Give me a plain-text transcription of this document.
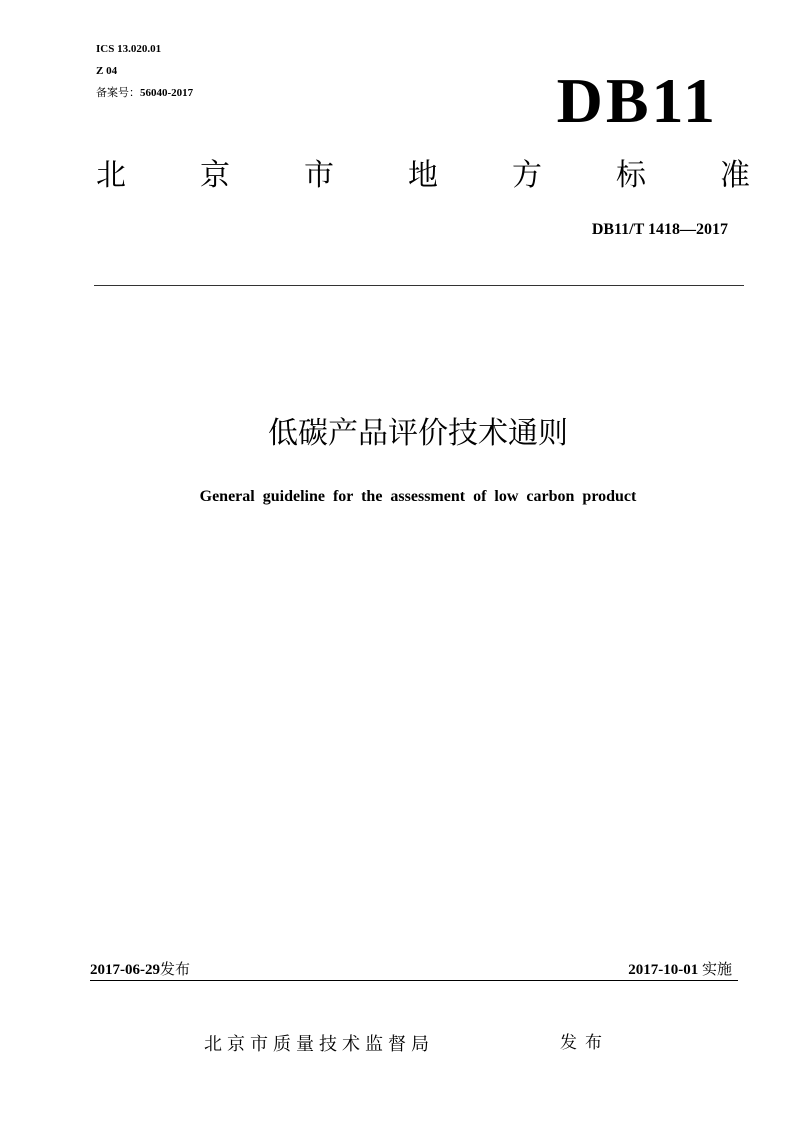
ICS 13.020.01
Z 04
备案号：56040-2017	DB11
北 京 市 地 方 标 准
DB11/T 1418—2017
低碳产品评价技术通则
General guideline for the assessment of low carbon product
2017-06-29发布	2017-10-01 实施
北京市质量技术监督局	发布
